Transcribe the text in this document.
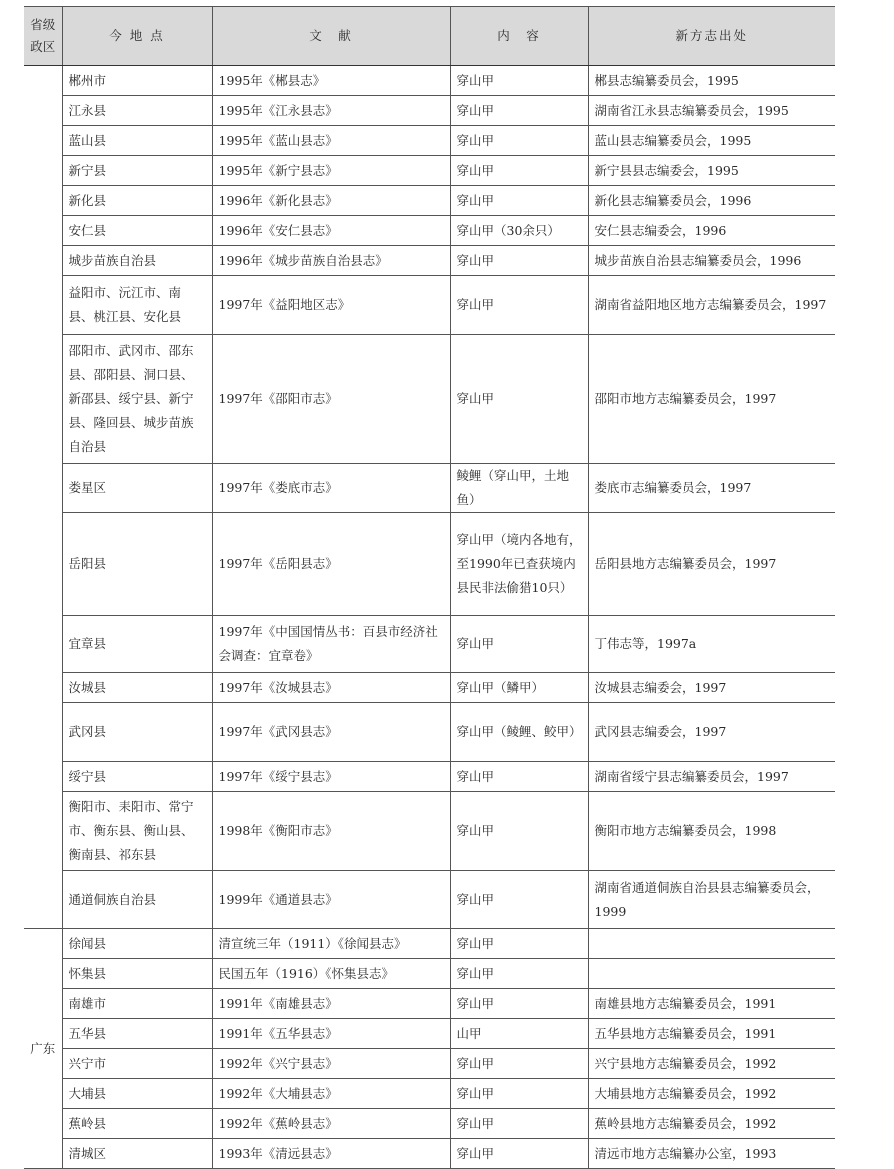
省级政区	今 地 点	文　献	内　容	新方志出处
	郴州市	1995年《郴县志》	穿山甲	郴县志编纂委员会，1995
	江永县	1995年《江永县志》	穿山甲	湖南省江永县志编纂委员会，1995
	蓝山县	1995年《蓝山县志》	穿山甲	蓝山县志编纂委员会，1995
	新宁县	1995年《新宁县志》	穿山甲	新宁县县志编委会，1995
	新化县	1996年《新化县志》	穿山甲	新化县志编纂委员会，1996
	安仁县	1996年《安仁县志》	穿山甲（30余只）	安仁县志编委会，1996
	城步苗族自治县	1996年《城步苗族自治县志》	穿山甲	城步苗族自治县志编纂委员会，1996
	益阳市、沅江市、南县、桃江县、安化县	1997年《益阳地区志》	穿山甲	湖南省益阳地区地方志编纂委员会，1997
	邵阳市、武冈市、邵东县、邵阳县、洞口县、新邵县、绥宁县、新宁县、隆回县、城步苗族自治县	1997年《邵阳市志》	穿山甲	邵阳市地方志编纂委员会，1997
	娄星区	1997年《娄底市志》	鲮鲤（穿山甲，土地鱼）	娄底市志编纂委员会，1997
	岳阳县	1997年《岳阳县志》	穿山甲（境内各地有，至1990年已查获境内县民非法偷猎10只）	岳阳县地方志编纂委员会，1997
	宜章县	1997年《中国国情丛书：百县市经济社会调查：宜章卷》	穿山甲	丁伟志等，1997a
	汝城县	1997年《汝城县志》	穿山甲（鳞甲）	汝城县志编委会，1997
	武冈县	1997年《武冈县志》	穿山甲（鲮鲤、鲛甲）	武冈县志编委会，1997
	绥宁县	1997年《绥宁县志》	穿山甲	湖南省绥宁县志编纂委员会，1997
	衡阳市、耒阳市、常宁市、衡东县、衡山县、衡南县、祁东县	1998年《衡阳市志》	穿山甲	衡阳市地方志编纂委员会，1998
	通道侗族自治县	1999年《通道县志》	穿山甲	湖南省通道侗族自治县县志编纂委员会，1999
广东	徐闻县	清宣统三年（1911）《徐闻县志》	穿山甲	
	怀集县	民国五年（1916）《怀集县志》	穿山甲	
	南雄市	1991年《南雄县志》	穿山甲	南雄县地方志编纂委员会，1991
	五华县	1991年《五华县志》	山甲	五华县地方志编纂委员会，1991
	兴宁市	1992年《兴宁县志》	穿山甲	兴宁县地方志编纂委员会，1992
	大埔县	1992年《大埔县志》	穿山甲	大埔县地方志编纂委员会，1992
	蕉岭县	1992年《蕉岭县志》	穿山甲	蕉岭县地方志编纂委员会，1992
	清城区	1993年《清远县志》	穿山甲	清远市地方志编纂办公室，1993
